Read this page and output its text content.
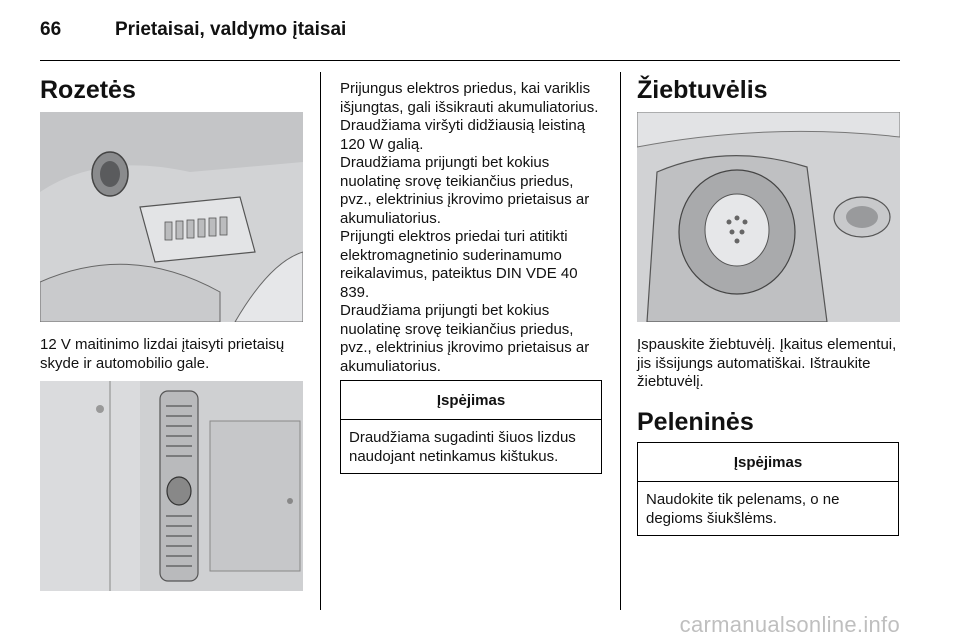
66	Prietaisai, valdymo įtaisai
Rozetės
12 V maitinimo lizdai įtaisyti prietaisų skyde ir automobilio gale.
Prijungus elektros priedus, kai variklis išjungtas, gali išsikrauti akumuliatorius. Draudžiama viršyti didžiausią leistiną 120 W galią.
Draudžiama prijungti bet kokius nuolatinę srovę teikiančius priedus, pvz., elektrinius įkrovimo prietaisus ar akumuliatorius.
Prijungti elektros priedai turi atitikti elektromagnetinio suderinamumo reikalavimus, pateiktus DIN VDE 40 839.
Draudžiama prijungti bet kokius nuolatinę srovę teikiančius priedus, pvz., elektrinius įkrovimo prietaisus ar akumuliatorius.
Įspėjimas
Draudžiama sugadinti šiuos lizdus naudojant netinkamus kištukus.
Žiebtuvėlis
Įspauskite žiebtuvėlį. Įkaitus elementui, jis išsijungs automatiškai. Ištraukite žiebtuvėlį.
Peleninės
Įspėjimas
Naudokite tik pelenams, o ne degioms šiukšlėms.
carmanualsonline.info
